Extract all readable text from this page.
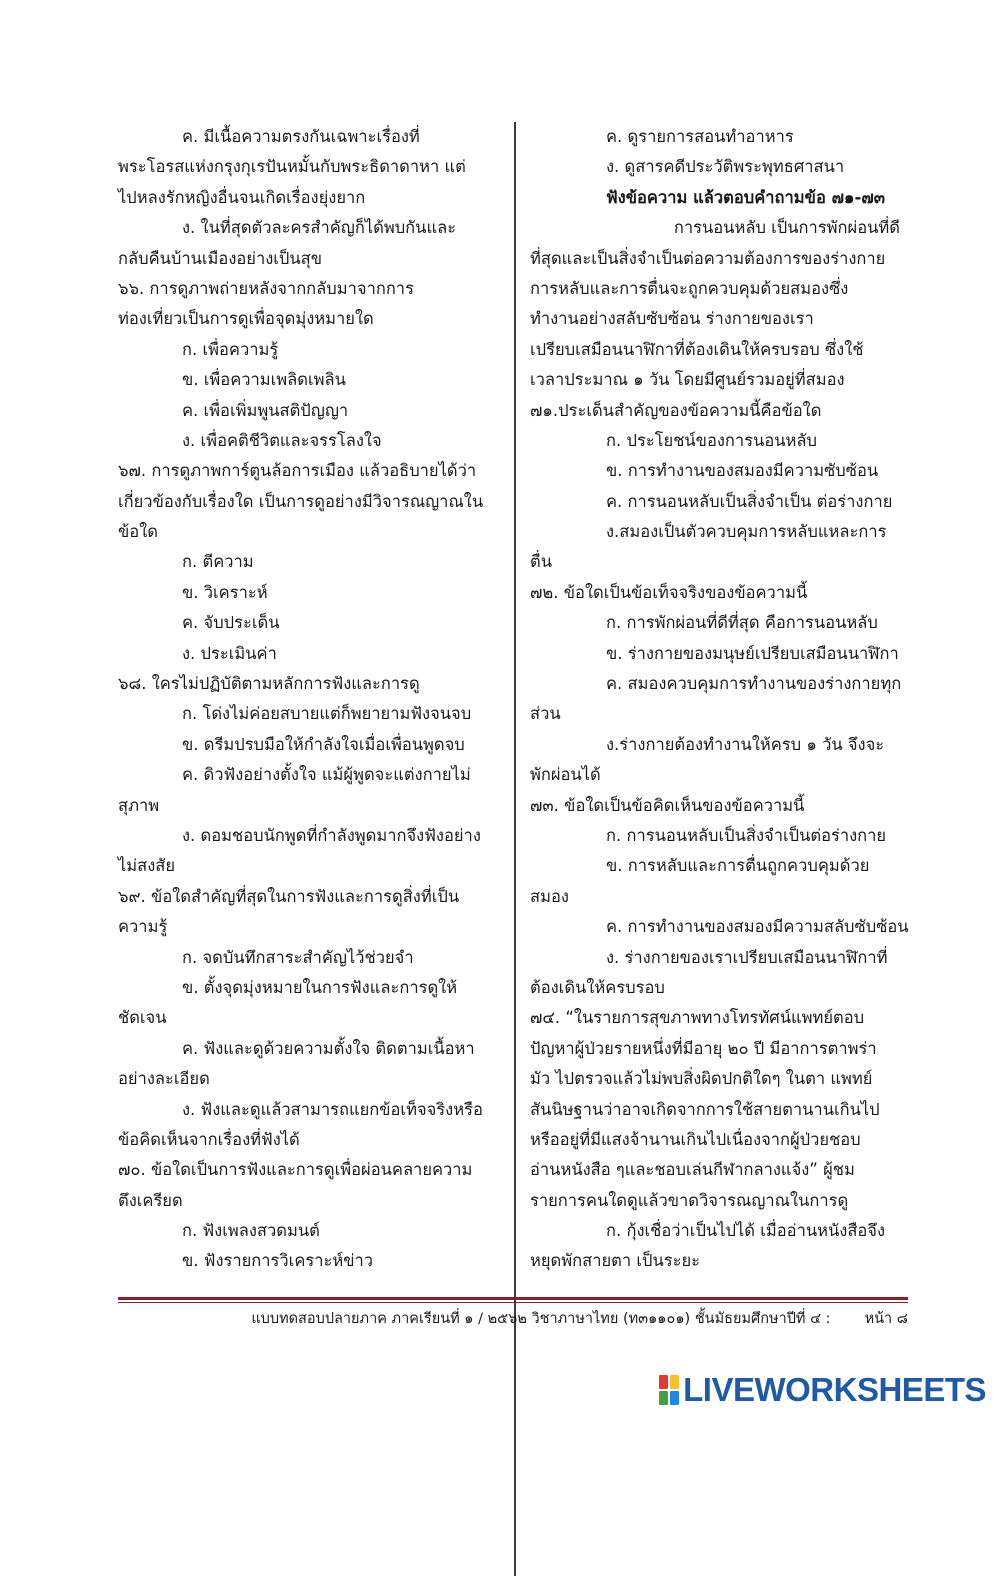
ค. มีเนื้อความตรงกันเฉพาะเรื่องที่
พระโอรสแห่งกรุงกุเรปันหมั้นกับพระธิดาดาหา แต่
ไปหลงรักหญิงอื่นจนเกิดเรื่องยุ่งยาก
ง. ในที่สุดตัวละครสำคัญก็ได้พบกันและ
กลับคืนบ้านเมืองอย่างเป็นสุข
๖๖. การดูภาพถ่ายหลังจากกลับมาจากการ
ท่องเที่ยวเป็นการดูเพื่อจุดมุ่งหมายใด
ก. เพื่อความรู้
ข. เพื่อความเพลิดเพลิน
ค. เพื่อเพิ่มพูนสติปัญญา
ง. เพื่อคติชีวิตและจรรโลงใจ
๖๗. การดูภาพการ์ตูนล้อการเมือง แล้วอธิบายได้ว่า
เกี่ยวข้องกับเรื่องใด เป็นการดูอย่างมีวิจารณญาณใน
ข้อใด
ก. ตีความ
ข. วิเคราะห์
ค. จับประเด็น
ง. ประเมินค่า
๖๘. ใครไม่ปฏิบัติตามหลักการฟังและการดู
ก. โด่งไม่ค่อยสบายแต่ก็พยายามฟังจนจบ
ข. ดรีมปรบมือให้กำลังใจเมื่อเพื่อนพูดจบ
ค. ดิวฟังอย่างตั้งใจ แม้ผู้พูดจะแต่งกายไม่
สุภาพ
ง. ดอมชอบนักพูดที่กำลังพูดมากจึงฟังอย่าง
ไม่สงสัย
๖๙. ข้อใดสำคัญที่สุดในการฟังและการดูสิ่งที่เป็น
ความรู้
ก. จดบันทึกสาระสำคัญไว้ช่วยจำ
ข. ตั้งจุดมุ่งหมายในการฟังและการดูให้
ชัดเจน
ค. ฟังและดูด้วยความตั้งใจ ติดตามเนื้อหา
อย่างละเอียด
ง. ฟังและดูแล้วสามารถแยกข้อเท็จจริงหรือ
ข้อคิดเห็นจากเรื่องที่ฟังได้
๗๐. ข้อใดเป็นการฟังและการดูเพื่อผ่อนคลายความ
ตึงเครียด
ก. ฟังเพลงสวดมนต์
ข. ฟังรายการวิเคราะห์ข่าว
ค. ดูรายการสอนทำอาหาร
ง. ดูสารคดีประวัติพระพุทธศาสนา
ฟังข้อความ แล้วตอบคำถามข้อ ๗๑-๗๓
การนอนหลับ เป็นการพักผ่อนที่ดี
ที่สุดและเป็นสิ่งจำเป็นต่อความต้องการของร่างกาย
การหลับและการตื่นจะถูกควบคุมด้วยสมองซึ่ง
ทำงานอย่างสลับซับซ้อน ร่างกายของเรา
เปรียบเสมือนนาฬิกาที่ต้องเดินให้ครบรอบ ซึ่งใช้
เวลาประมาณ ๑ วัน โดยมีศูนย์รวมอยู่ที่สมอง
๗๑.ประเด็นสำคัญของข้อความนี้คือข้อใด
ก. ประโยชน์ของการนอนหลับ
ข. การทำงานของสมองมีความซับซ้อน
ค. การนอนหลับเป็นสิ่งจำเป็น ต่อร่างกาย
ง.สมองเป็นตัวควบคุมการหลับแหละการ
ตื่น
๗๒. ข้อใดเป็นข้อเท็จจริงของข้อความนี้
ก. การพักผ่อนที่ดีที่สุด คือการนอนหลับ
ข. ร่างกายของมนุษย์เปรียบเสมือนนาฬิกา
ค. สมองควบคุมการทำงานของร่างกายทุก
ส่วน
ง.ร่างกายต้องทำงานให้ครบ ๑ วัน จึงจะ
พักผ่อนได้
๗๓. ข้อใดเป็นข้อคิดเห็นของข้อความนี้
ก. การนอนหลับเป็นสิ่งจำเป็นต่อร่างกาย
ข. การหลับและการตื่นถูกควบคุมด้วย
สมอง
ค. การทำงานของสมองมีความสลับซับซ้อน
ง. ร่างกายของเราเปรียบเสมือนนาฬิกาที่
ต้องเดินให้ครบรอบ
๗๔. “ในรายการสุขภาพทางโทรทัศน์แพทย์ตอบ
ปัญหาผู้ป่วยรายหนึ่งที่มีอายุ ๒๐ ปี มีอาการตาพร่า
มัว ไปตรวจแล้วไม่พบสิ่งผิดปกติใดๆ ในตา แพทย์
สันนิษฐานว่าอาจเกิดจากการใช้สายตานานเกินไป
หรืออยู่ที่มีแสงจ้านานเกินไปเนื่องจากผู้ป่วยชอบ
อ่านหนังสือ ๆและชอบเล่นกีฬากลางแจ้ง” ผู้ชม
รายการคนใดดูแล้วขาดวิจารณญาณในการดู
ก. กุ้งเชื่อว่าเป็นไปได้ เมื่ออ่านหนังสือจึง
หยุดพักสายตา เป็นระยะ
แบบทดสอบปลายภาค ภาคเรียนที่ ๑ / ๒๕๖๒ วิชาภาษาไทย (ท๓๑๑๐๑) ชั้นมัธยมศึกษาปีที่ ๔ : หน้า ๘
LIVEWORKSHEETS
